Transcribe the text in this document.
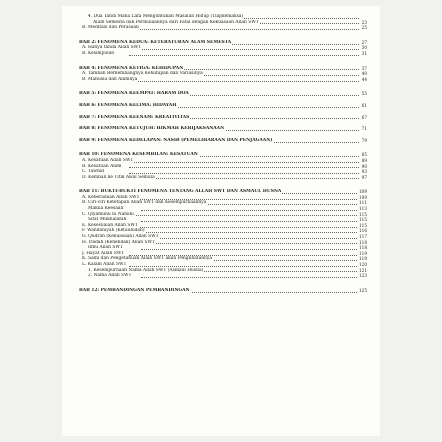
4. Dua Tahdi Mana Lafa Menguntukan Masalah Hidup (Tiapkemaksa)
Alam Semesta dan Permulaannya dari Fatal dengan Kekuasaan Allah SWT	23
B. Meditasi dan Perasaan	25
BAB 2: FENOMENA KEDUA: KETERATURAN ALAM SEMESTA	27
A. Hanya tanda Allah SWT	30
B. Kesimpulan	31
BAB 4: FENOMENA KETIGA: KEHIDUPAN	37
A. Tambah Berkembangnya Kehidupan dan Variasinya	40
B. Manusia dan Alamnya	44
BAB 5: FENOMENA KEEMPAT: HARAM DOA	55
BAB 6: FENOMENA KELIMA: HIDAYAH	61
BAB 7: FENOMENA KEENAM: KREATIVITAS	67
BAB 8: FENOMENA KETUJUH: HIKMAH KEBIJAKSANAAN	71
BAB 9: FENOMENA KEDELAPAN: NASIB (PEMELIHARAAN DAN PENJAGAAN)	79
BAB 10: FENOMENA KESEMBILAN: KESATUAN	85
A. Kesatuan Allah SWT	89
B. Kesatuan Alam	90
C. Tawhid	93
D. Kembali ke Titik Awal Semula	97
BAB 11: BUKTI-BUKTI FENOMENA TENTANG ALLAH SWT DAN ASMAUL HUSNA	109
A. Keberadaan Allah SWT	109
B. Ciri-ciri Ketetapan Allah SWT dan Kesempurnaannya	111
Makna Keesaan	113
C. Qiyamuhu bi Nafsihi	115
Sifat Mukhalafah	115
E. Kesesuaian Allah SWT	115
F. Wahdaniyah (Ketauhidan)	116
G. Qudrah (Kekuasaan) Allah SWT	117
H. Iradah (Kehendak) Allah SWT	118
Ilmu Allah SWT	118
J. Hayat Allah SWT	119
K. Sami dan Pengetahuan Allah SWT akan Penglihatannya	119
L. Kalam Allah SWT	120
1. Kesempurnaan Nama Allah SWT (Asmaul Husna)	121
2. Nama Allah SWT	123
BAB 12: PEMBANDINGAN PEMBANDINGAN	125
